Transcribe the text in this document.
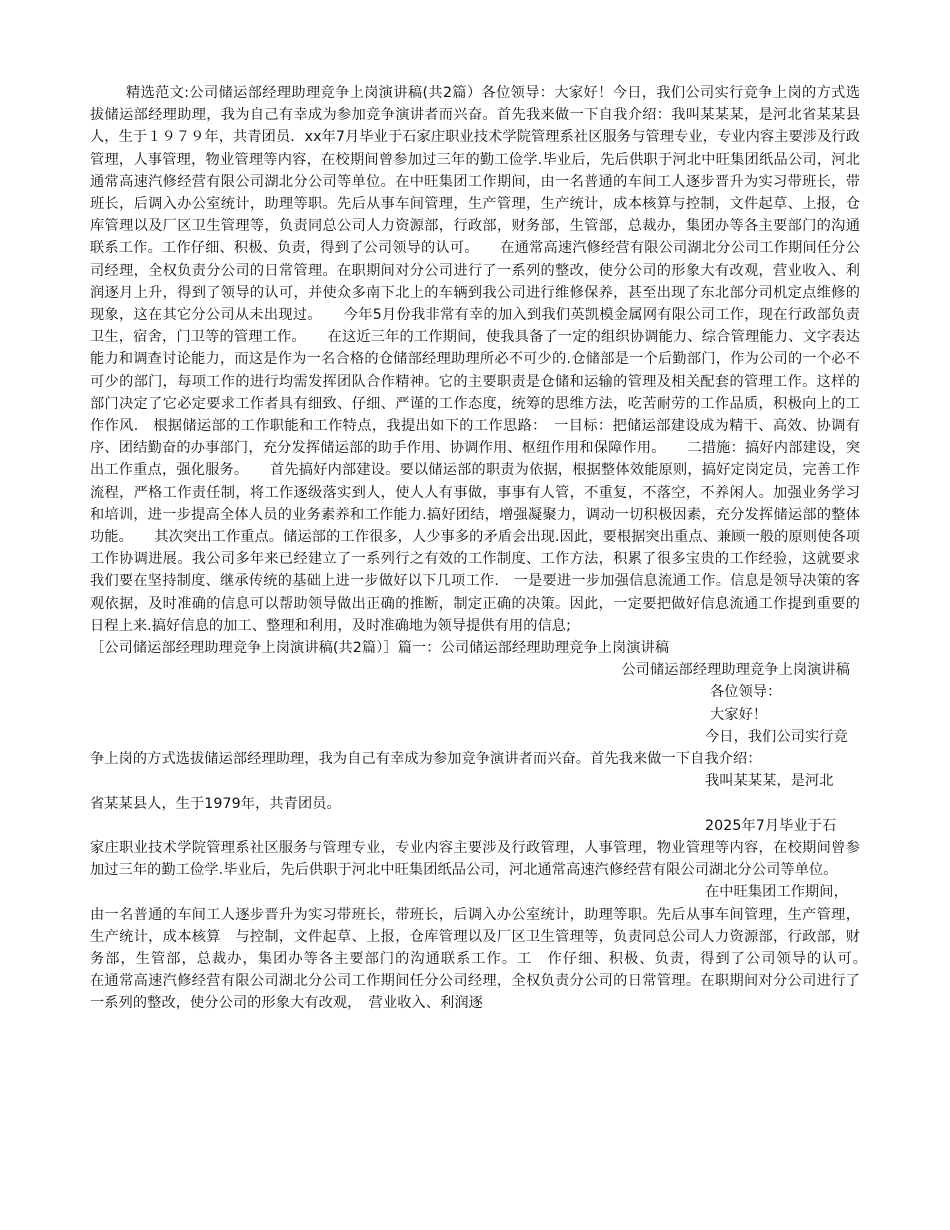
精选范文:公司储运部经理助理竞争上岗演讲稿(共2篇）各位领导：大家好！今日，我们公司实行竞争上岗的方式选拔储运部经理助理，我为自己有幸成为参加竞争演讲者而兴奋。首先我来做一下自我介绍：我叫某某某，是河北省某某县人，生于１９７９年，共青团员．xx年7月毕业于石家庄职业技术学院管理系社区服务与管理专业，专业内容主要涉及行政管理，人事管理，物业管理等内容，在校期间曾参加过三年的勤工俭学.毕业后，先后供职于河北中旺集团纸品公司，河北通常高速汽修经营有限公司湖北分公司等单位。在中旺集团工作期间，由一名普通的车间工人逐步晋升为实习带班长，带班长，后调入办公室统计，助理等职。先后从事车间管理，生产管理，生产统计，成本核算与控制，文件起草、上报，仓库管理以及厂区卫生管理等，负责同总公司人力资源部，行政部，财务部，生管部，总裁办，集团办等各主要部门的沟通联系工作。工作仔细、积极、负责，得到了公司领导的认可。　　在通常高速汽修经营有限公司湖北分公司工作期间任分公司经理，全权负责分公司的日常管理。在职期间对分公司进行了一系列的整改，使分公司的形象大有改观，营业收入、利润逐月上升，得到了领导的认可，并使众多南下北上的车辆到我公司进行维修保养，甚至出现了东北部分司机定点维修的现象，这在其它分公司从未出现过。　　今年5月份我非常有幸的加入到我们英凯模金属网有限公司工作，现在行政部负责卫生，宿舍，门卫等的管理工作。　　在这近三年的工作期间，使我具备了一定的组织协调能力、综合管理能力、文字表达能力和调查讨论能力，而这是作为一名合格的仓储部经理助理所必不可少的.仓储部是一个后勤部门，作为公司的一个必不可少的部门，每项工作的进行均需发挥团队合作精神。它的主要职责是仓储和运输的管理及相关配套的管理工作。这样的部门决定了它必定要求工作者具有细致、仔细、严谨的工作态度，统筹的思维方法，吃苦耐劳的工作品质，积极向上的工作作风.　根据储运部的工作职能和工作特点，我提出如下的工作思路：　一目标：把储运部建设成为精干、高效、协调有序、团结勤奋的办事部门，充分发挥储运部的助手作用、协调作用、枢纽作用和保障作用。　　二措施：搞好内部建设，突出工作重点，强化服务。　　首先搞好内部建设。要以储运部的职责为依据，根据整体效能原则，搞好定岗定员，完善工作流程，严格工作责任制，将工作逐级落实到人，使人人有事做，事事有人管，不重复，不落空，不养闲人。加强业务学习和培训，进一步提高全体人员的业务素养和工作能力.搞好团结，增强凝聚力，调动一切积极因素，充分发挥储运部的整体功能。　　其次突出工作重点。储运部的工作很多，人少事多的矛盾会出现.因此，要根据突出重点、兼顾一般的原则使各项工作协调进展。我公司多年来已经建立了一系列行之有效的工作制度、工作方法，积累了很多宝贵的工作经验，这就要求我们要在坚持制度、继承传统的基础上进一步做好以下几项工作.　一是要进一步加强信息流通工作。信息是领导决策的客观依据，及时准确的信息可以帮助领导做出正确的推断，制定正确的决策。因此，一定要把做好信息流通工作提到重要的日程上来.搞好信息的加工、整理和利用，及时准确地为领导提供有用的信息;

［公司储运部经理助理竞争上岗演讲稿(共2篇）］篇一：公司储运部经理助理竞争上岗演讲稿

公司储运部经理助理竞争上岗演讲稿

各位领导：

大家好！

今日，我们公司实行竞

争上岗的方式选拔储运部经理助理，我为自己有幸成为参加竞争演讲者而兴奋。首先我来做一下自我介绍：

我叫某某某，是河北

省某某县人，生于1979年，共青团员。

2025年7月毕业于石

家庄职业技术学院管理系社区服务与管理专业，专业内容主要涉及行政管理，人事管理，物业管理等内容，在校期间曾参加过三年的勤工俭学.毕业后，先后供职于河北中旺集团纸品公司，河北通常高速汽修经营有限公司湖北分公司等单位。

在中旺集团工作期间，

由一名普通的车间工人逐步晋升为实习带班长，带班长，后调入办公室统计，助理等职。先后从事车间管理，生产管理，生产统计，成本核算　与控制，文件起草、上报，仓库管理以及厂区卫生管理等，负责同总公司人力资源部，行政部，财务部，生管部，总裁办，集团办等各主要部门的沟通联系工作。工　作仔细、积极、负责，得到了公司领导的认可。　　　在通常高速汽修经营有限公司湖北分公司工作期间任分公司经理，全权负责分公司的日常管理。在职期间对分公司进行了一系列的整改，使分公司的形象大有改观，　营业收入、利润逐
